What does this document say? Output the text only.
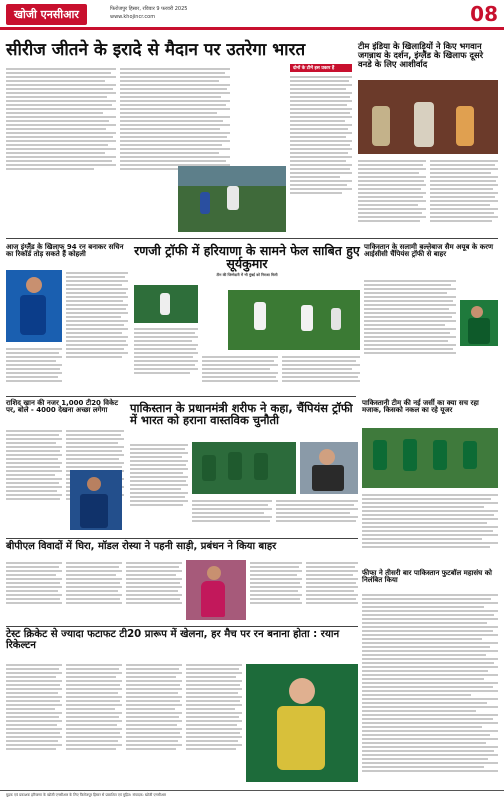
खोजी एनसीआर	फिरोजपुर हिसार, रविवार 9 फरवरी 2025
www.khojincr.com	08
सीरीज जीतने के इरादे से मैदान पर उतरेगा भारत
दोनों के टीमें इस प्रकार हैं
टीम इंडिया के खिलाड़ियों ने किए भगवान जगन्नाथ के दर्शन, इंग्लैंड के खिलाफ दूसरे वनडे के लिए आशीर्वाद
आज इंग्लैंड के खिलाफ 94 रन बनाकर सचिन का रिकॉर्ड तोड़ सकते हैं कोहली	रणजी ट्रॉफी में हरियाणा के सामने फेल साबित हुए सूर्यकुमार
टीम की जिम्मेदारी में भी मुंबई को निराशा मिली
पाकिस्तान के सलामी बल्लेबाज सैम अयूब के करण आईसीसी चैंपियंस ट्रॉफी से बाहर
राशिद खान की नजर 1,000 टी20 विकेट पर, बोले - 4000 देखना अच्छा लगेगा	पाकिस्तान के प्रधानमंत्री शरीफ ने कहा, चैंपियंस ट्रॉफी में भारत को हराना वास्तविक चुनौती
पाकिस्तानी टीम की नई जर्सी का क्या सच रहा मजाक, किसको नकल का रहे यूजर
बीपीएल विवादों में घिरा, मॉडल रोस्या ने पहनी साड़ी, प्रबंधन ने किया बाहर
फीफा ने तीसरी बार पाकिस्तान फुटबॉल महासंघ को निलंबित किया
टेस्ट क्रिकेट से ज्यादा फटाफट टी20 प्रारूप में खेलना, हर मैच पर रन बनाना होता : रयान रिकेल्टन
मुद्रक एवं प्रकाशक हरियाणा के खोजी एनसीआर के लिए फिरोजपुर हिसार से प्रकाशित एवं मुद्रित। संपादक: खोजी एनसीआर
